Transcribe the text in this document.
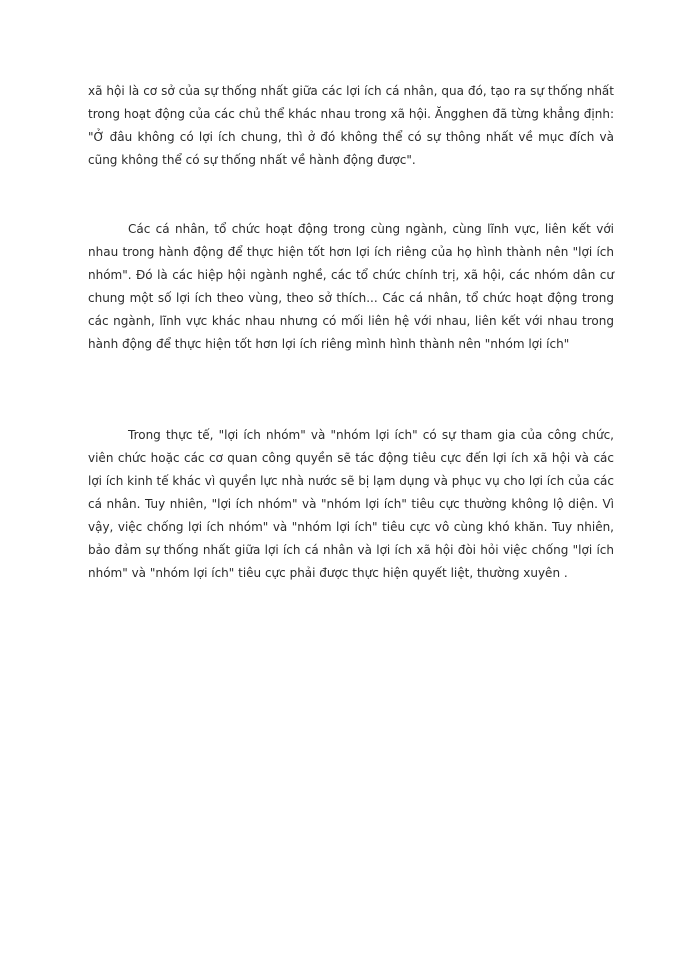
xã hội là cơ sở của sự thống nhất giữa các lợi ích cá nhân, qua đó, tạo ra sự thống nhất trong hoạt động của các chủ thể khác nhau trong xã hội. Ăngghen đã từng khẳng định: "Ở đâu không có lợi ích chung, thì ở đó không thể có sự thông nhất về mục đích và cũng không thể có sự thống nhất về hành động được".

Các cá nhân, tổ chức hoạt động trong cùng ngành, cùng lĩnh vực, liên kết với nhau trong hành động để thực hiện tốt hơn lợi ích riêng của họ hình thành nên "lợi ích nhóm". Đó là các hiệp hội ngành nghề, các tổ chức chính trị, xã hội, các nhóm dân cư chung một số lợi ích theo vùng, theo sở thích... Các cá nhân, tổ chức hoạt động trong các ngành, lĩnh vực khác nhau nhưng có mối liên hệ với nhau, liên kết với nhau trong hành động để thực hiện tốt hơn lợi ích riêng mình hình thành nên "nhóm lợi ích"

Trong thực tế, "lợi ích nhóm" và "nhóm lợi ích" có sự tham gia của công chức, viên chức hoặc các cơ quan công quyền sẽ tác động tiêu cực đến lợi ích xã hội và các lợi ích kinh tế khác vì quyền lực nhà nước sẽ bị lạm dụng và phục vụ cho lợi ích của các cá nhân. Tuy nhiên, "lợi ích nhóm" và "nhóm lợi ích" tiêu cực thường không lộ diện. Vì vậy, việc chống lợi ích nhóm" và "nhóm lợi ích" tiêu cực vô cùng khó khăn. Tuy nhiên, bảo đảm sự thống nhất giữa lợi ích cá nhân và lợi ích xã hội đòi hỏi việc chống "lợi ích nhóm" và "nhóm lợi ích" tiêu cực phải được thực hiện quyết liệt, thường xuyên .
